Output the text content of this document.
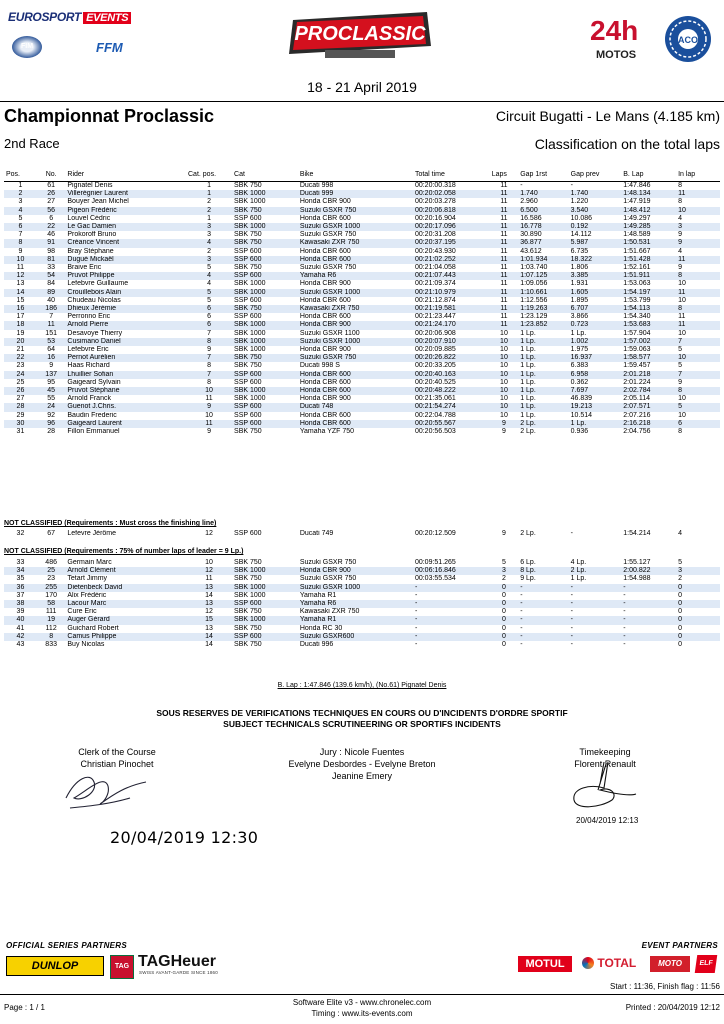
EUROSPORT EVENTS
FIM	FFM
PROCLASSIC	24h
MOTOS
ACO
18 - 21 April 2019
Championnat Proclassic	Circuit Bugatti - Le Mans (4.185 km)
2nd Race	Classification on the total laps
Pos.	No.	Rider	Cat. pos.	Cat	Bike	Total time	Laps	Gap 1rst	Gap prev	B. Lap	In lap
1	61	Pignatel Denis	1	SBK 750	Ducati 998	00:20:00.318	11	-	-	1:47.846	8
2	26	Villerégnier Laurent	1	SBK 1000	Ducati 999	00:20:02.058	11	1.740	1.740	1:48.134	11
3	27	Bouyer Jean Michel	2	SBK 1000	Honda CBR 900	00:20:03.278	11	2.960	1.220	1:47.919	8
4	56	Pigeon Frédéric	2	SBK 750	Suzuki GSXR 750	00:20:06.818	11	6.500	3.540	1:48.412	10
5	6	Louvel Cédric	1	SSP 600	Honda CBR 600	00:20:16.904	11	16.586	10.086	1:49.297	4
6	22	Le Gac Damien	3	SBK 1000	Suzuki GSXR 1000	00:20:17.096	11	16.778	0.192	1:49.285	3
7	46	Prokoroff Bruno	3	SBK 750	Suzuki GSXR 750	00:20:31.208	11	30.890	14.112	1:48.589	9
8	91	Créance Vincent	4	SBK 750	Kawasaki ZXR 750	00:20:37.195	11	36.877	5.987	1:50.531	9
9	98	Bray Stéphane	2	SSP 600	Honda CBR 600	00:20:43.930	11	43.612	6.735	1:51.667	4
10	81	Dugué Mickaël	3	SSP 600	Honda CBR 600	00:21:02.252	11	1:01.934	18.322	1:51.428	11
11	33	Braive Eric	5	SBK 750	Suzuki GSXR 750	00:21:04.058	11	1:03.740	1.806	1:52.161	9
12	54	Pruvot Philippe	4	SSP 600	Yamaha R6	00:21:07.443	11	1:07.125	3.385	1:51.911	8
13	84	Lefebvre Guillaume	4	SBK 1000	Honda CBR 900	00:21:09.374	11	1:09.056	1.931	1:53.063	10
14	89	Crouillebois Alain	5	SBK 1000	Suzuki GSXR 1000	00:21:10.979	11	1:10.661	1.605	1:54.197	11
15	40	Chudeau Nicolas	5	SSP 600	Honda CBR 600	00:21:12.874	11	1:12.556	1.895	1:53.799	10
16	186	Dhieux Jérémie	6	SBK 750	Kawasaki ZXR 750	00:21:19.581	11	1:19.263	6.707	1:54.113	8
17	7	Perronno Eric	6	SSP 600	Honda CBR 600	00:21:23.447	11	1:23.129	3.866	1:54.340	11
18	11	Arnold Pierre	6	SBK 1000	Honda CBR 900	00:21:24.170	11	1:23.852	0.723	1:53.683	11
19	151	Desavoye Thierry	7	SBK 1000	Suzuki GSXR 1100	00:20:06.908	10	1 Lp.	1 Lp.	1:57.904	10
20	53	Cusimano Daniel	8	SBK 1000	Suzuki GSXR 1000	00:20:07.910	10	1 Lp.	1.002	1:57.002	7
21	64	Lefebvre Eric	9	SBK 1000	Honda CBR 900	00:20:09.885	10	1 Lp.	1.975	1:59.063	5
22	16	Pernot Aurélien	7	SBK 750	Suzuki GSXR 750	00:20:26.822	10	1 Lp.	16.937	1:58.577	10
23	9	Haas Richard	8	SBK 750	Ducati 998 S	00:20:33.205	10	1 Lp.	6.383	1:59.457	5
24	137	Lhuillier Sofian	7	SSP 600	Honda CBR 600	00:20:40.163	10	1 Lp.	6.958	2:01.218	7
25	95	Gaigeard Sylvain	8	SSP 600	Honda CBR 600	00:20:40.525	10	1 Lp.	0.362	2:01.224	9
26	45	Pruvot Stéphane	10	SBK 1000	Honda CBR 600	00:20:48.222	10	1 Lp.	7.697	2:02.784	8
27	55	Arnold Franck	11	SBK 1000	Honda CBR 900	00:21:35.061	10	1 Lp.	46.839	2:05.114	10
28	24	Guenot J.Chris.	9	SSP 600	Ducati 748	00:21:54.274	10	1 Lp.	19.213	2:07.571	5
29	92	Baudin Frederic	10	SSP 600	Honda CBR 600	00:22:04.788	10	1 Lp.	10.514	2:07.216	10
30	96	Gaigeard Laurent	11	SSP 600	Honda CBR 600	00:20:55.567	9	2 Lp.	1 Lp.	2:16.218	6
31	28	Fillon Emmanuel	9	SBK 750	Yamaha YZF 750	00:20:56.503	9	2 Lp.	0.936	2:04.756	8
NOT CLASSIFIED (Requirements : Must cross the finishing line)
32	67	Lefevre Jérôme	12	SSP 600	Ducati 749	00:20:12.509	9	2 Lp.	-	1:54.214	4
NOT CLASSIFIED (Requirements : 75% of number laps of leader = 9 Lp.)
33	486	Germain Marc	10	SBK 750	Suzuki GSXR 750	00:09:51.265	5	6 Lp.	4 Lp.	1:55.127	5
34	25	Arnold Clément	12	SBK 1000	Honda CBR 900	00:06:16.846	3	8 Lp.	2 Lp.	2:00.822	3
35	23	Tetart Jimmy	11	SBK 750	Suzuki GSXR 750	00:03:55.534	2	9 Lp.	1 Lp.	1:54.988	2
36	255	Dietenbeck David	13	SBK 1000	Suzuki GSXR 1000	-	0	-	-	-	0
37	170	Alix Frédéric	14	SBK 1000	Yamaha R1	-	0	-	-	-	0
38	58	Lacour Marc	13	SSP 600	Yamaha R6	-	0	-	-	-	0
39	111	Cure Eric	12	SBK 750	Kawasaki ZXR 750	-	0	-	-	-	0
40	19	Auger Gérard	15	SBK 1000	Yamaha R1	-	0	-	-	-	0
41	112	Guichard Robert	13	SBK 750	Honda RC 30	-	0	-	-	-	0
42	8	Camus Philippe	14	SSP 600	Suzuki GSXR600	-	0	-	-	-	0
43	833	Buy Nicolas	14	SBK 750	Ducati 996	-	0	-	-	-	0
B. Lap : 1:47.846 (139.6 km/h), (No.61) Pignatel Denis
SOUS RESERVES DE VERIFICATIONS TECHNIQUES EN COURS OU D'INCIDENTS D'ORDRE SPORTIF
SUBJECT TECHNICALS SCRUTINEERING OR SPORTIFS INCIDENTS
Clerk of the Course
Christian Pinochet
Jury : Nicole Fuentes
Evelyne Desbordes - Evelyne Breton
Jeanine Emery
Timekeeping
Florent Renault
20/04/2019 12:30
20/04/2019 12:13
OFFICIAL SERIES PARTNERS	EVENT PARTNERS
DUNLOP	TAG TAGHeuer
SWISS AVANT-GARDE SINCE 1860
MOTUL	TOTAL	MOTO	ELF
Start : 11:36, Finish flag : 11:56
Page : 1 / 1
Software Elite v3 - www.chronelec.com
Timing : www.its-events.com
Printed : 20/04/2019 12:12
